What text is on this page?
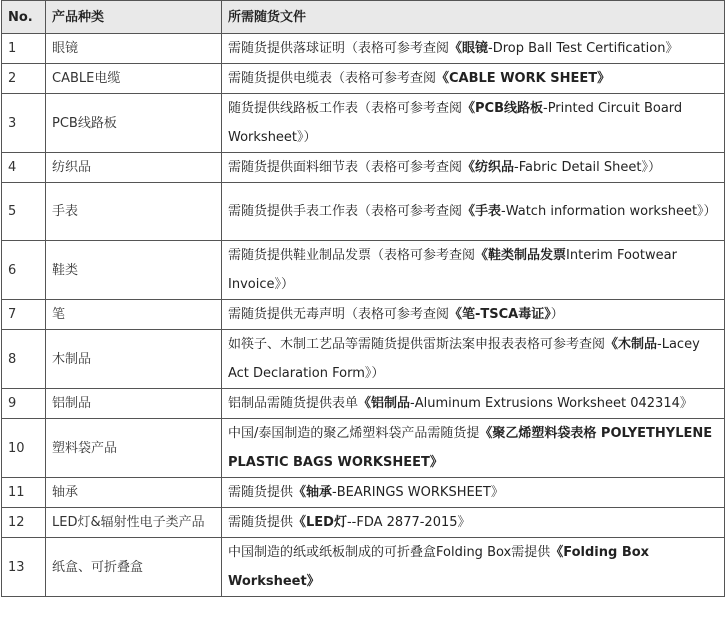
No.	产品种类	所需随货文件
1	眼镜	需随货提供落球证明（表格可参考查阅《眼镜-Drop Ball Test Certification》
2	CABLE电缆	需随货提供电缆表（表格可参考查阅《CABLE WORK SHEET》
3	PCB线路板	随货提供线路板工作表（表格可参考查阅《PCB线路板-Printed Circuit Board Worksheet》）
4	纺织品	需随货提供面料细节表（表格可参考查阅《纺织品-Fabric Detail Sheet》）
5	手表	需随货提供手表工作表（表格可参考查阅《手表-Watch information worksheet》）
6	鞋类	需随货提供鞋业制品发票（表格可参考查阅《鞋类制品发票Interim Footwear Invoice》）
7	笔	需随货提供无毒声明（表格可参考查阅《笔-TSCA毒证》）
8	木制品	如筷子、木制工艺品等需随货提供雷斯法案申报表表格可参考查阅《木制品-Lacey Act Declaration Form》）
9	铝制品	铝制品需随货提供表单《铝制品-Aluminum Extrusions Worksheet 042314》
10	塑料袋产品	中国/泰国制造的聚乙烯塑料袋产品需随货提《聚乙烯塑料袋表格 POLYETHYLENE PLASTIC BAGS WORKSHEET》
11	轴承	需随货提供《轴承-BEARINGS WORKSHEET》
12	LED灯&辐射性电子类产品	需随货提供《LED灯--FDA 2877-2015》
13	纸盒、可折叠盒	中国制造的纸或纸板制成的可折叠盒Folding Box需提供《Folding Box Worksheet》
